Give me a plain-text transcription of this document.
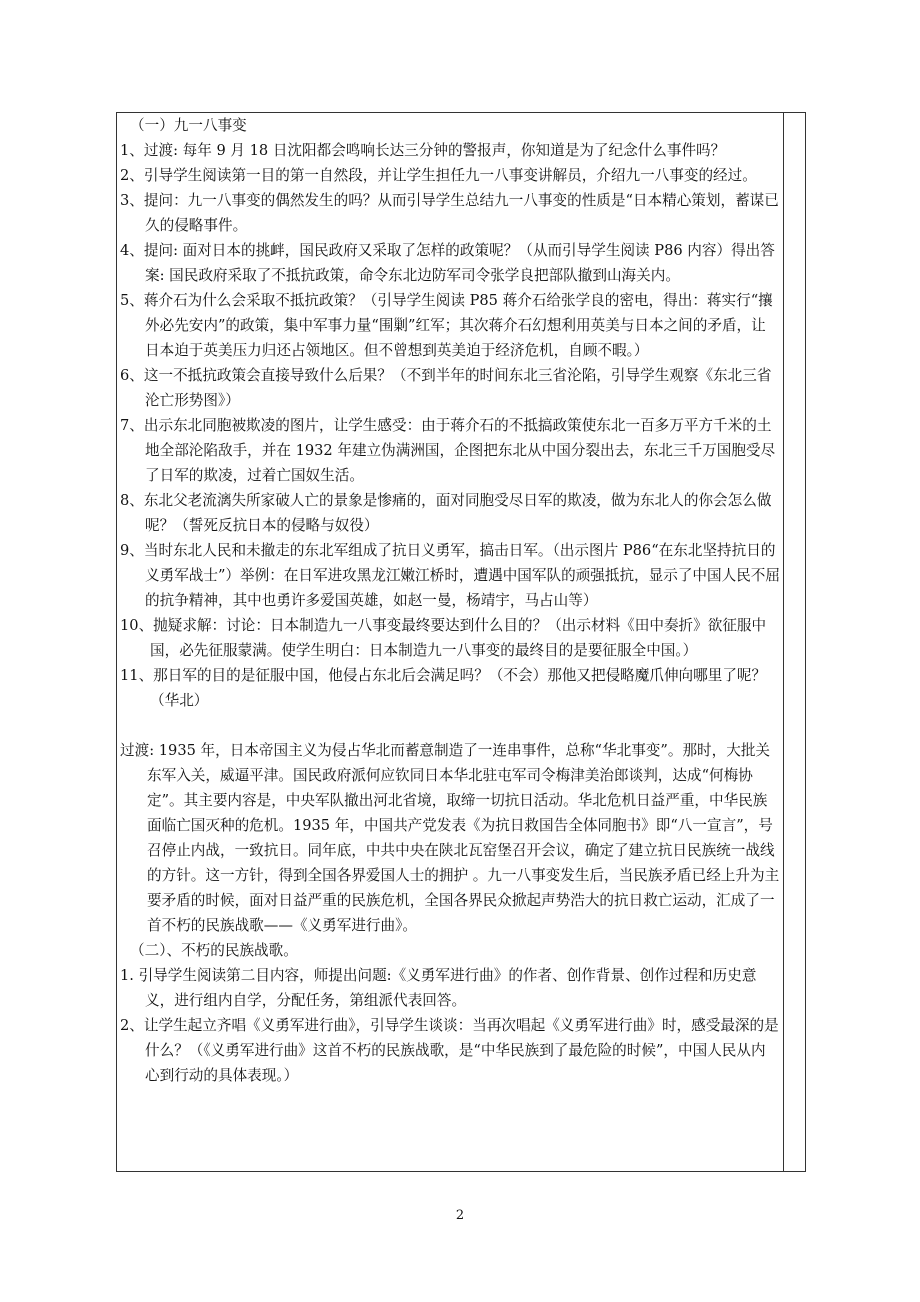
（一）九一八事变
1、过渡: 每年 9 月 18 日沈阳都会鸣响长达三分钟的警报声，你知道是为了纪念什么事件吗？
2、引导学生阅读第一目的第一自然段，并让学生担任九一八事变讲解员，介绍九一八事变的经过。
3、提问：九一八事变的偶然发生的吗？从而引导学生总结九一八事变的性质是“日本精心策划，蓄谋已久的侵略事件。
4、提问: 面对日本的挑衅，国民政府又采取了怎样的政策呢？（从而引导学生阅读 P86 内容）得出答案: 国民政府采取了不抵抗政策，命令东北边防军司令张学良把部队撤到山海关内。
5、蒋介石为什么会采取不抵抗政策？（引导学生阅读 P85 蒋介石给张学良的密电，得出：蒋实行“攘外必先安内”的政策，集中军事力量“围剿”红军；其次蒋介石幻想利用英美与日本之间的矛盾，让日本迫于英美压力归还占领地区。但不曾想到英美迫于经济危机，自顾不暇。）
6、这一不抵抗政策会直接导致什么后果？（不到半年的时间东北三省沦陷，引导学生观察《东北三省沦亡形势图》）
7、出示东北同胞被欺凌的图片，让学生感受：由于蒋介石的不抵搞政策使东北一百多万平方千米的土地全部沦陷敌手，并在 1932 年建立伪满洲国，企图把东北从中国分裂出去，东北三千万国胞受尽了日军的欺凌，过着亡国奴生活。
8、东北父老流漓失所家破人亡的景象是惨痛的，面对同胞受尽日军的欺凌，做为东北人的你会怎么做呢？（誓死反抗日本的侵略与奴役）
9、当时东北人民和未撤走的东北军组成了抗日义勇军，搞击日军。（出示图片 P86“在东北坚持抗日的义勇军战士”）举例：在日军进攻黑龙江嫩江桥时，遭遇中国军队的顽强抵抗，显示了中国人民不屈的抗争精神，其中也勇许多爱国英雄，如赵一曼，杨靖宇，马占山等）
10、抛疑求解：讨论：日本制造九一八事变最终要达到什么目的？（出示材料《田中奏折》欲征服中国，必先征服蒙满。使学生明白：日本制造九一八事变的最终目的是要征服全中国。）
11、那日军的目的是征服中国，他侵占东北后会满足吗？（不会）那他又把侵略魔爪伸向哪里了呢？（华北）
过渡: 1935 年，日本帝国主义为侵占华北而蓄意制造了一连串事件，总称“华北事变”。那时，大批关东军入关，威逼平津。国民政府派何应钦同日本华北驻屯军司令梅津美治郎谈判，达成“何梅协定”。其主要内容是，中央军队撤出河北省境，取缔一切抗日活动。华北危机日益严重，中华民族面临亡国灭种的危机。1935 年，中国共产党发表《为抗日救国告全体同胞书》即“八一宣言”，号召停止内战，一致抗日。同年底，中共中央在陕北瓦窑堡召开会议，确定了建立抗日民族统一战线的方针。这一方针，得到全国各界爱国人士的拥护 。九一八事变发生后，当民族矛盾已经上升为主要矛盾的时候，面对日益严重的民族危机，全国各界民众掀起声势浩大的抗日救亡运动，汇成了一首不朽的民族战歌——《义勇军进行曲》。
（二）、不朽的民族战歌。
1. 引导学生阅读第二目内容，师提出问题:《义勇军进行曲》的作者、创作背景、创作过程和历史意义，进行组内自学，分配任务，第组派代表回答。
2、让学生起立齐唱《义勇军进行曲》，引导学生谈谈：当再次唱起《义勇军进行曲》时，感受最深的是什么？（《义勇军进行曲》这首不朽的民族战歌，是“中华民族到了最危险的时候”，中国人民从内心到行动的具体表现。）
2
